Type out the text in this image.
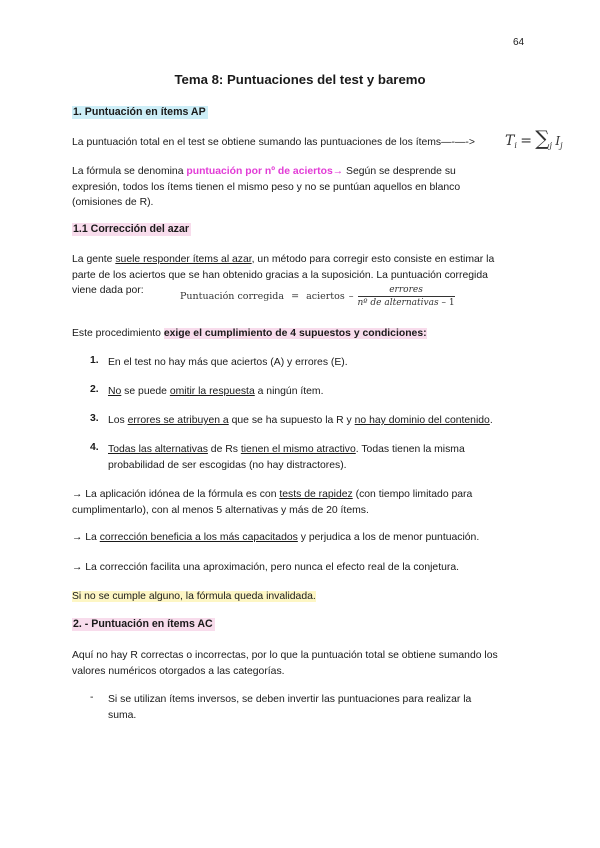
64
Tema 8: Puntuaciones del test y baremo
1. Puntuación en ítems AP
La puntuación total en el test se obtiene sumando las puntuaciones de los ítems—-—-> $T_i = \sum_j$ $I_j$
La fórmula se denomina puntuación por nº de aciertos→ Según se desprende su
expresión, todos los ítems tienen el mismo peso y no se puntúan aquellos en blanco
(omisiones de R).
1.1 Corrección del azar
La gente suele responder ítems al azar, un método para corregir esto consiste en estimar la
parte de los aciertos que se han obtenido gracias a la suposición. La puntuación corregida
viene dada por:
Puntuación corregida = aciertos – $\frac{\text{errores}}{\text{nº de alternativas – 1}}$
Este procedimiento exige el cumplimiento de 4 supuestos y condiciones:
1. En el test no hay más que aciertos (A) y errores (E).
2. No se puede omitir la respuesta a ningún ítem.
3. Los errores se atribuyen a que se ha supuesto la R y no hay dominio del contenido.
4. Todas las alternativas de Rs tienen el mismo atractivo. Todas tienen la misma
probabilidad de ser escogidas (no hay distractores).
→ La aplicación idónea de la fórmula es con tests de rapidez (con tiempo limitado para
cumplimentarlo), con al menos 5 alternativas y más de 20 ítems.
→ La corrección beneficia a los más capacitados y perjudica a los de menor puntuación.
→ La corrección facilita una aproximación, pero nunca el efecto real de la conjetura.
Si no se cumple alguno, la fórmula queda invalidada.
2. - Puntuación en ítems AC
Aquí no hay R correctas o incorrectas, por lo que la puntuación total se obtiene sumando los
valores numéricos otorgados a las categorías.
- Si se utilizan ítems inversos, se deben invertir las puntuaciones para realizar la
suma.
